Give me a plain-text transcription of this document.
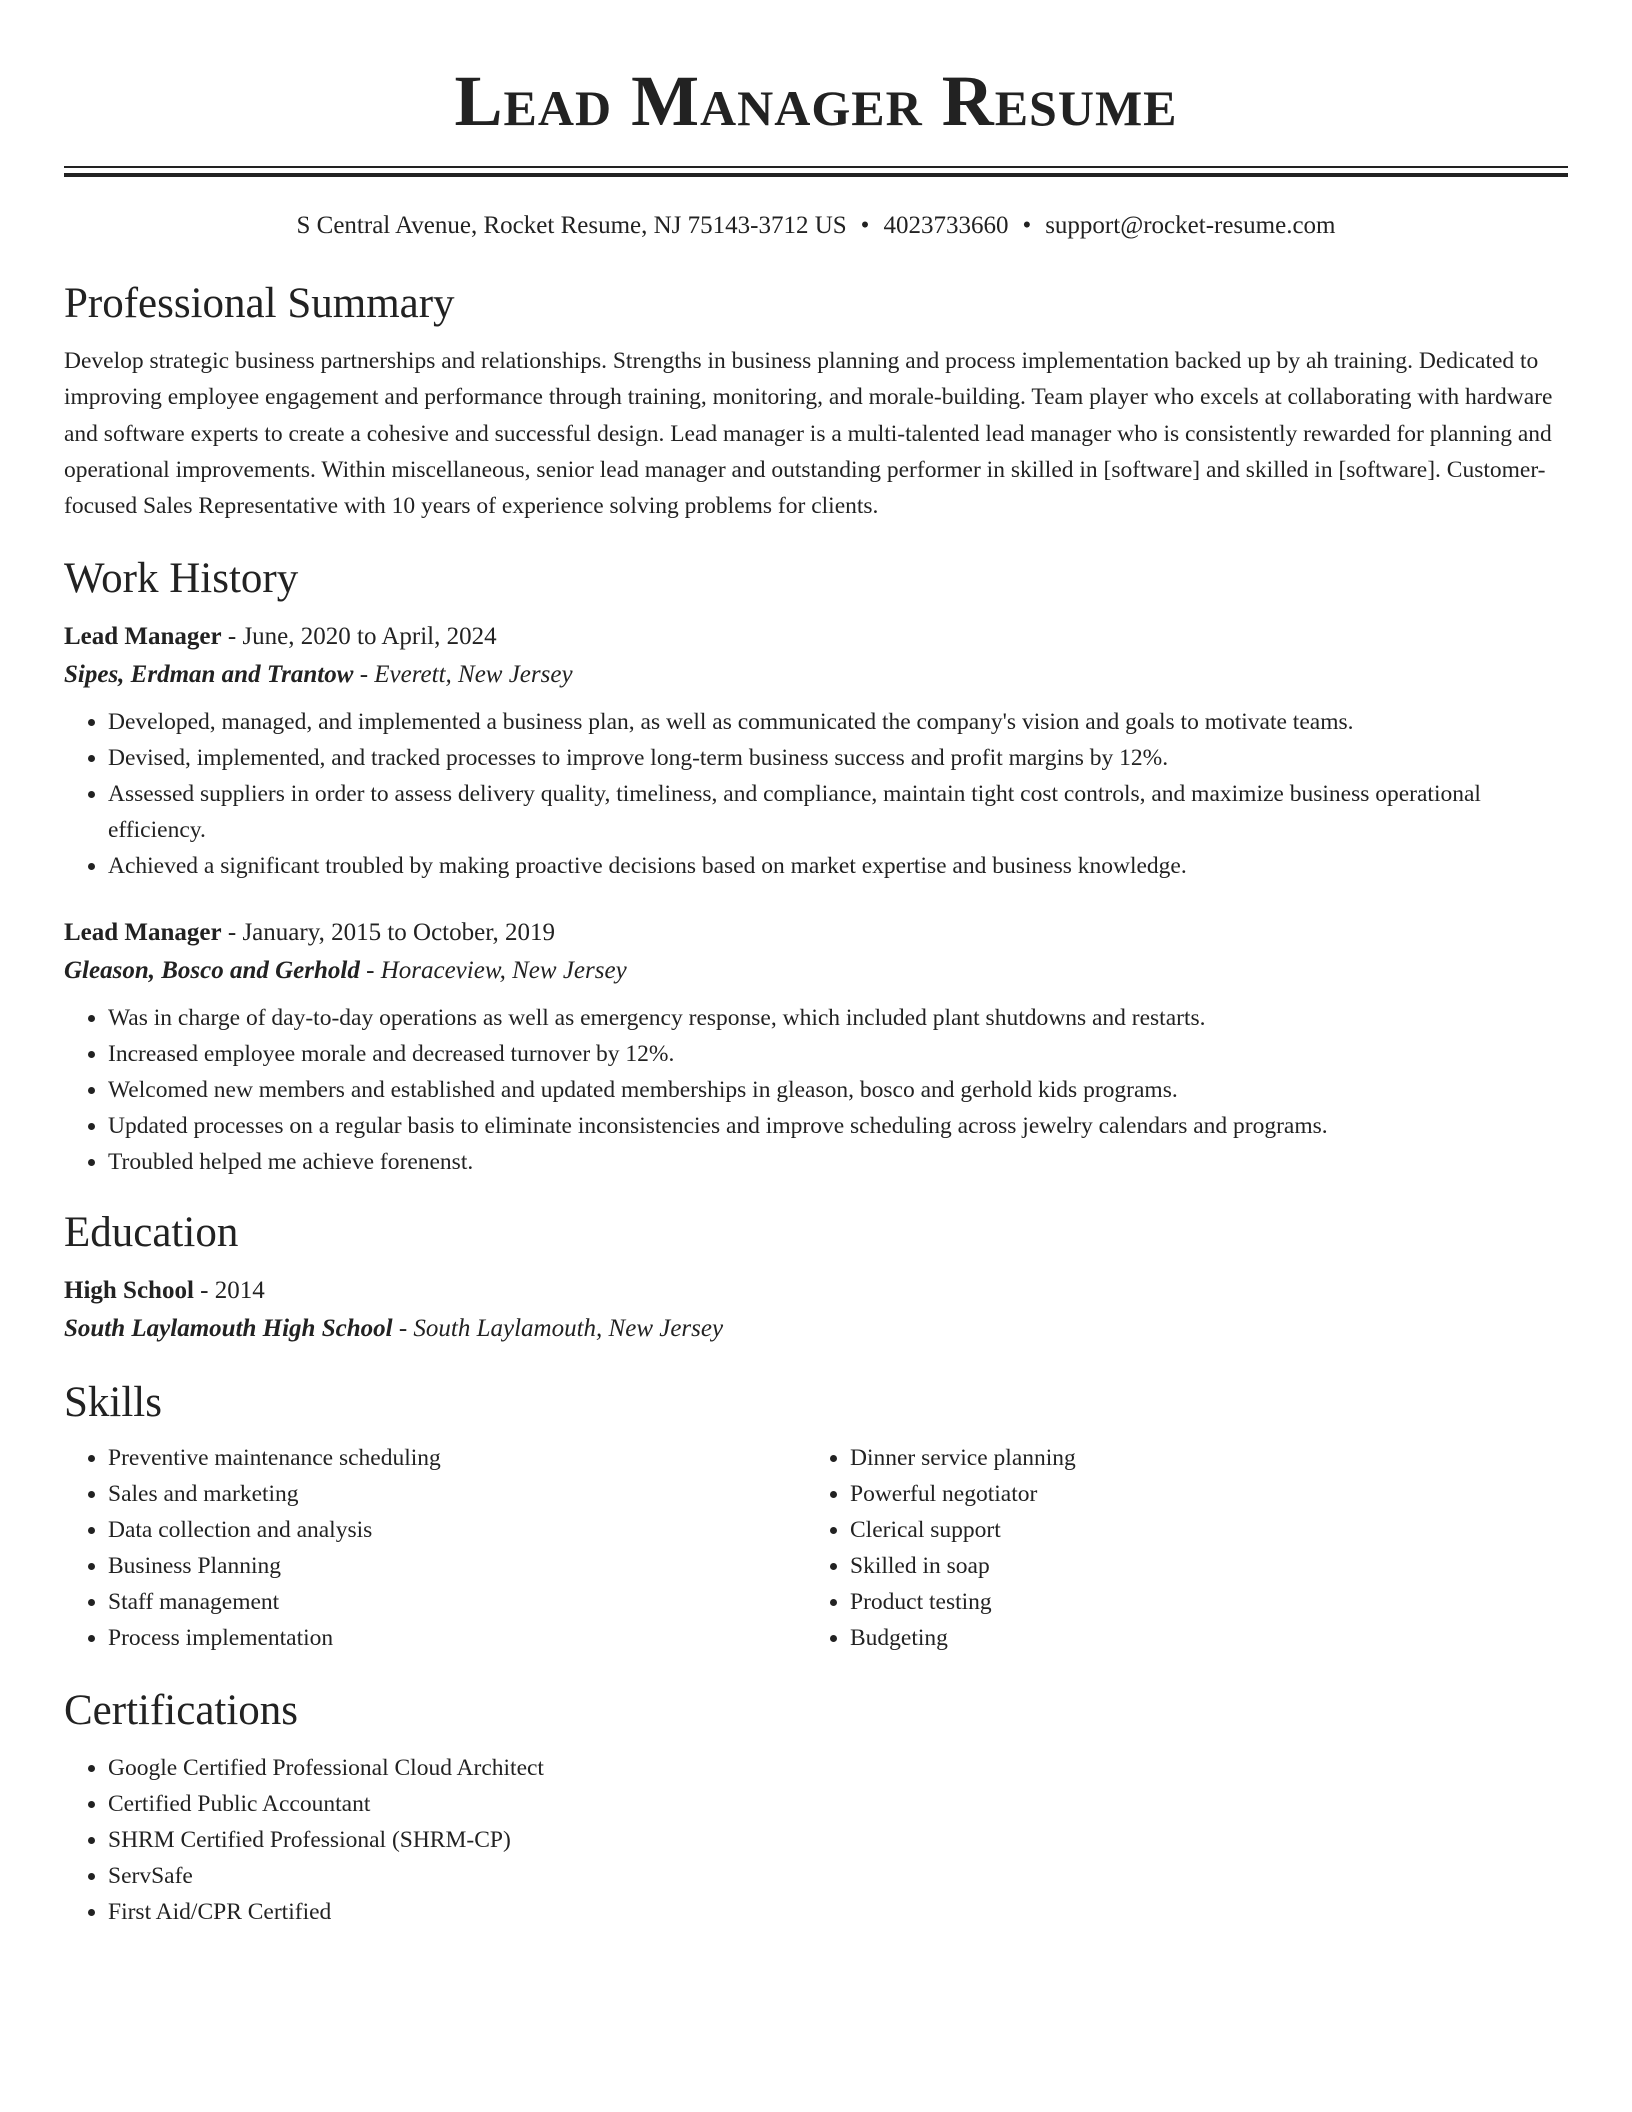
Lead Manager Resume
S Central Avenue, Rocket Resume, NJ 75143-3712 US • 4023733660 • support@rocket-resume.com
Professional Summary

Develop strategic business partnerships and relationships. Strengths in business planning and process implementation backed up by ah training. Dedicated to improving employee engagement and performance through training, monitoring, and morale-building. Team player who excels at collaborating with hardware and software experts to create a cohesive and successful design. Lead manager is a multi-talented lead manager who is consistently rewarded for planning and operational improvements. Within miscellaneous, senior lead manager and outstanding performer in skilled in [software] and skilled in [software]. Customer-focused Sales Representative with 10 years of experience solving problems for clients.

Work History
Lead Manager - June, 2020 to April, 2024
Sipes, Erdman and Trantow - Everett, New Jersey
• Developed, managed, and implemented a business plan, as well as communicated the company's vision and goals to motivate teams.
• Devised, implemented, and tracked processes to improve long-term business success and profit margins by 12%.
• Assessed suppliers in order to assess delivery quality, timeliness, and compliance, maintain tight cost controls, and maximize business operational efficiency.
• Achieved a significant troubled by making proactive decisions based on market expertise and business knowledge.
Lead Manager - January, 2015 to October, 2019
Gleason, Bosco and Gerhold - Horaceview, New Jersey
• Was in charge of day-to-day operations as well as emergency response, which included plant shutdowns and restarts.
• Increased employee morale and decreased turnover by 12%.
• Welcomed new members and established and updated memberships in gleason, bosco and gerhold kids programs.
• Updated processes on a regular basis to eliminate inconsistencies and improve scheduling across jewelry calendars and programs.
• Troubled helped me achieve forenenst.
Education
High School - 2014
South Laylamouth High School - South Laylamouth, New Jersey
Skills
• Preventive maintenance scheduling
• Sales and marketing
• Data collection and analysis
• Business Planning
• Staff management
• Process implementation
• Dinner service planning
• Powerful negotiator
• Clerical support
• Skilled in soap
• Product testing
• Budgeting
Certifications
• Google Certified Professional Cloud Architect
• Certified Public Accountant
• SHRM Certified Professional (SHRM-CP)
• ServSafe
• First Aid/CPR Certified
